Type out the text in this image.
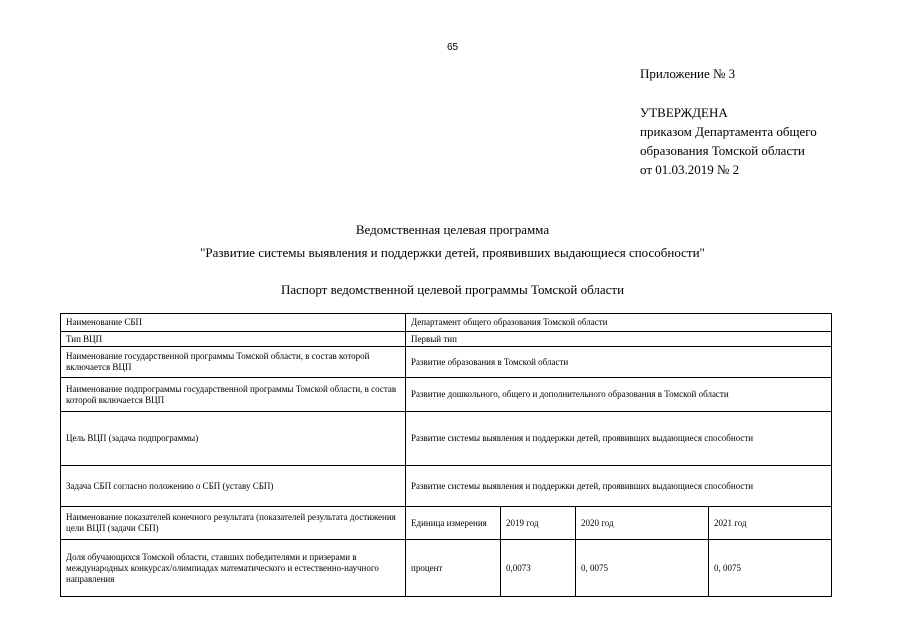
65
Приложение № 3
УТВЕРЖДЕНА
приказом Департамента общего
образования Томской области
от 01.03.2019 № 2
Ведомственная целевая программа
"Развитие системы выявления и поддержки детей, проявивших выдающиеся способности"
Паспорт ведомственной целевой программы Томской области
Наименование СБП	Департамент общего образования Томской области			
Тип ВЦП	Первый тип			
Наименование государственной программы Томской области, в состав которой включается ВЦП	Развитие образования в Томской области			
Наименование подпрограммы государственной программы Томской области, в состав которой включается ВЦП	Развитие дошкольного, общего и дополнительного образования в Томской области			
Цель ВЦП (задача подпрограммы)	Развитие системы выявления и поддержки детей, проявивших выдающиеся способности			
Задача СБП согласно положению о СБП (уставу СБП)	Развитие системы выявления и поддержки детей, проявивших выдающиеся способности			
Наименование показателей конечного результата (показателей результата достижения цели ВЦП (задачи СБП)	Единица измерения	2019 год	2020 год	2021 год
Доля обучающихся Томской области, ставших победителями и призерами в международных конкурсах/олимпиадах математического и естественно-научного направления	процент	0,0073	0, 0075	0, 0075
